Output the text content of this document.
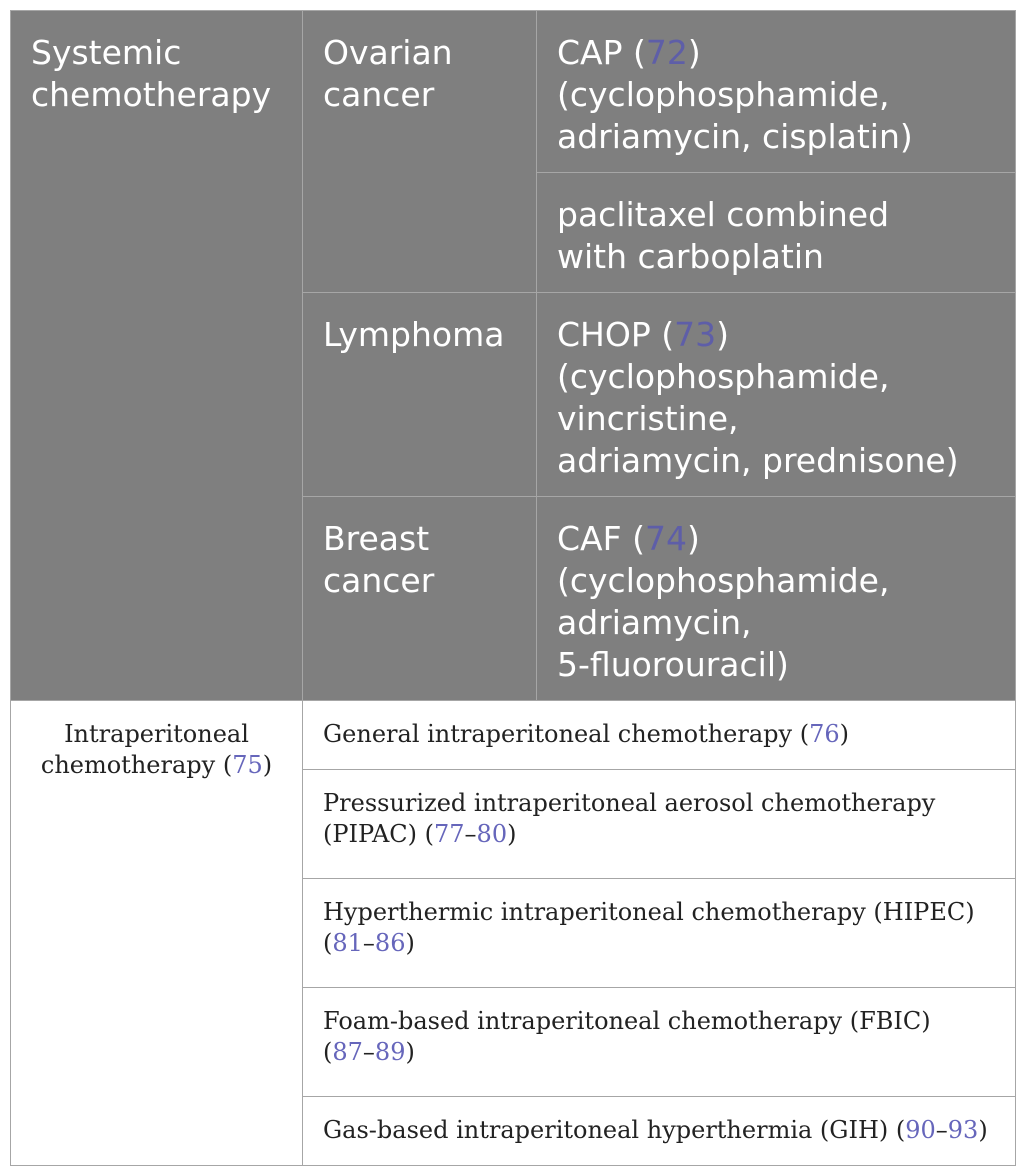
Systemic chemotherapy	Ovarian cancer	CAP (72)
(cyclophosphamide,
adriamycin, cisplatin)

		paclitaxel combined
with carboplatin

	Lymphoma	CHOP (73)
(cyclophosphamide,
vincristine,
adriamycin, prednisone)

	Breast cancer	CAF (74)
(cyclophosphamide,
adriamycin,
5-fluorouracil)

Intraperitoneal
chemotherapy (75)	General intraperitoneal chemotherapy (76)	

	Pressurized intraperitoneal aerosol chemotherapy
(PIPAC) (77–80)	

	Hyperthermic intraperitoneal chemotherapy (HIPEC)
(81–86)	

	Foam-based intraperitoneal chemotherapy (FBIC)
(87–89)	

	Gas-based intraperitoneal hyperthermia (GIH) (90–93)	
